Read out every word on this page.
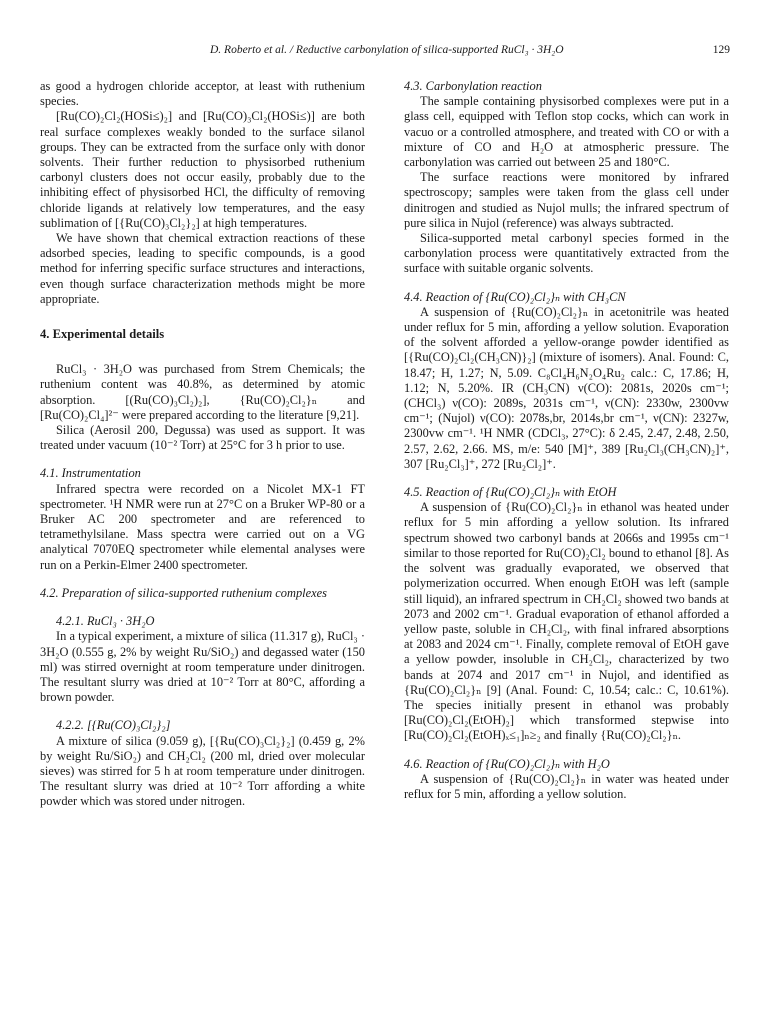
D. Roberto et al. / Reductive carbonylation of silica-supported RuCl₃ · 3H₂O	129

as good a hydrogen chloride acceptor, at least with ruthenium species.

[Ru(CO)₂Cl₂(HOSi≤)₂] and [Ru(CO)₃Cl₂(HOSi≤)] are both real surface complexes weakly bonded to the surface silanol groups. They can be extracted from the surface only with donor solvents. Their further reduction to physisorbed ruthenium carbonyl clusters does not occur easily, probably due to the inhibiting effect of physisorbed HCl, the difficulty of removing chloride ligands at relatively low temperatures, and the easy sublimation of [{Ru(CO)₃Cl₂}₂] at high temperatures.

We have shown that chemical extraction reactions of these adsorbed species, leading to specific compounds, is a good method for inferring specific surface structures and interactions, even though surface characterization methods might be more appropriate.

4. Experimental details

RuCl₃ · 3H₂O was purchased from Strem Chemicals; the ruthenium content was 40.8%, as determined by atomic absorption. [(Ru(CO)₃Cl₂)₂], {Ru(CO)₂Cl₂}ₙ and [Ru(CO)₂Cl₄]²⁻ were prepared according to the literature [9,21].

Silica (Aerosil 200, Degussa) was used as support. It was treated under vacuum (10⁻² Torr) at 25°C for 3 h prior to use.

4.1. Instrumentation

Infrared spectra were recorded on a Nicolet MX-1 FT spectrometer. ¹H NMR were run at 27°C on a Bruker WP-80 or a Bruker AC 200 spectrometer and are referenced to tetramethylsilane. Mass spectra were carried out on a VG analytical 7070EQ spectrometer while elemental analyses were run on a Perkin-Elmer 2400 spectrometer.

4.2. Preparation of silica-supported ruthenium complexes
4.2.1. RuCl₃ · 3H₂O

In a typical experiment, a mixture of silica (11.317 g), RuCl₃ · 3H₂O (0.555 g, 2% by weight Ru/SiO₂) and degassed water (150 ml) was stirred overnight at room temperature under dinitrogen. The resultant slurry was dried at 10⁻² Torr at 80°C, affording a brown powder.

4.2.2. [{Ru(CO)₃Cl₂}₂]

A mixture of silica (9.059 g), [{Ru(CO)₃Cl₂}₂] (0.459 g, 2% by weight Ru/SiO₂) and CH₂Cl₂ (200 ml, dried over molecular sieves) was stirred for 5 h at room temperature under dinitrogen. The resultant slurry was dried at 10⁻² Torr affording a white powder which was stored under nitrogen.

4.3. Carbonylation reaction

The sample containing physisorbed complexes were put in a glass cell, equipped with Teflon stop cocks, which can work in vacuo or a controlled atmosphere, and treated with CO or with a mixture of CO and H₂O at atmospheric pressure. The carbonylation was carried out between 25 and 180°C.

The surface reactions were monitored by infrared spectroscopy; samples were taken from the glass cell under dinitrogen and studied as Nujol mulls; the infrared spectrum of pure silica in Nujol (reference) was always subtracted.

Silica-supported metal carbonyl species formed in the carbonylation process were quantitatively extracted from the surface with suitable organic solvents.

4.4. Reaction of {Ru(CO)₂Cl₂}ₙ with CH₃CN

A suspension of {Ru(CO)₂Cl₂}ₙ in acetonitrile was heated under reflux for 5 min, affording a yellow solution. Evaporation of the solvent afforded a yellow-orange powder identified as [{Ru(CO)₂Cl₂(CH₃CN)}₂] (mixture of isomers). Anal. Found: C, 18.47; H, 1.27; N, 5.09. C₈Cl₄H₆N₂O₄Ru₂ calc.: C, 17.86; H, 1.12; N, 5.20%. IR (CH₃CN) ν(CO): 2081s, 2020s cm⁻¹; (CHCl₃) ν(CO): 2089s, 2031s cm⁻¹, ν(CN): 2330w, 2300vw cm⁻¹; (Nujol) ν(CO): 2078s,br, 2014s,br cm⁻¹, ν(CN): 2327w, 2300vw cm⁻¹. ¹H NMR (CDCl₃, 27°C): δ 2.45, 2.47, 2.48, 2.50, 2.57, 2.62, 2.66. MS, m/e: 540 [M]⁺, 389 [Ru₂Cl₃(CH₃CN)₂]⁺, 307 [Ru₂Cl₃]⁺, 272 [Ru₂Cl₂]⁺.

4.5. Reaction of {Ru(CO)₂Cl₂}ₙ with EtOH

A suspension of {Ru(CO)₂Cl₂}ₙ in ethanol was heated under reflux for 5 min affording a yellow solution. Its infrared spectrum showed two carbonyl bands at 2066s and 1995s cm⁻¹ similar to those reported for Ru(CO)₂Cl₂ bound to ethanol [8]. As the solvent was gradually evaporated, we observed that polymerization occurred. When enough EtOH was left (sample still liquid), an infrared spectrum in CH₂Cl₂ showed two bands at 2073 and 2002 cm⁻¹. Gradual evaporation of ethanol afforded a yellow paste, soluble in CH₂Cl₂, with final infrared absorptions at 2083 and 2024 cm⁻¹. Finally, complete removal of EtOH gave a yellow powder, insoluble in CH₂Cl₂, characterized by two bands at 2074 and 2017 cm⁻¹ in Nujol, and identified as {Ru(CO)₂Cl₂}ₙ [9] (Anal. Found: C, 10.54; calc.: C, 10.61%). The species initially present in ethanol was probably [Ru(CO)₂Cl₂(EtOH)₂] which transformed stepwise into [Ru(CO)₂Cl₂(EtOH)ₓ≤₁]ₙ≥₂ and finally {Ru(CO)₂Cl₂}ₙ.

4.6. Reaction of {Ru(CO)₂Cl₂}ₙ with H₂O

A suspension of {Ru(CO)₂Cl₂}ₙ in water was heated under reflux for 5 min, affording a yellow solution.
